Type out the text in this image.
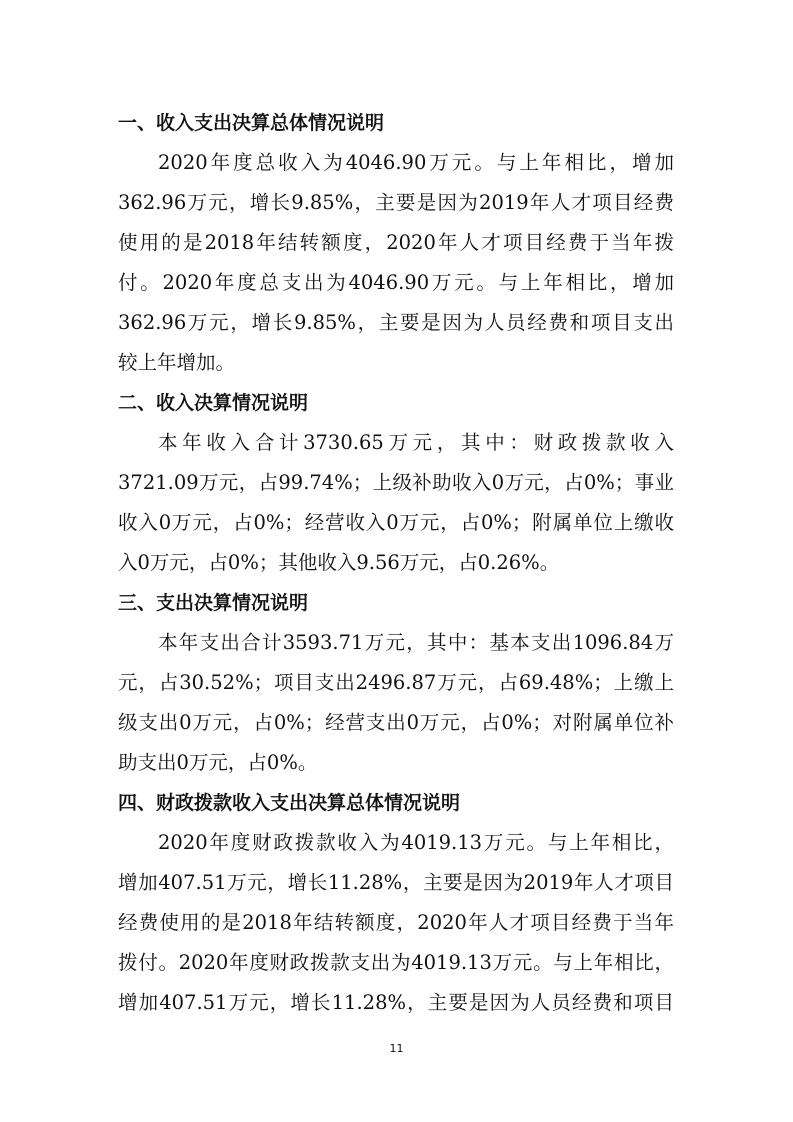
一、收入支出决算总体情况说明
2020年度总收入为4046.90万元。与上年相比，增加
362.96万元，增长9.85%，主要是因为2019年人才项目经费
使用的是2018年结转额度，2020年人才项目经费于当年拨
付。2020年度总支出为4046.90万元。与上年相比，增加
362.96万元，增长9.85%，主要是因为人员经费和项目支出
较上年增加。
二、收入决算情况说明
本年收入合计3730.65万元，其中：财政拨款收入
3721.09万元，占99.74%；上级补助收入0万元，占0%；事业
收入0万元，占0%；经营收入0万元，占0%；附属单位上缴收
入0万元，占0%；其他收入9.56万元，占0.26%。
三、支出决算情况说明
本年支出合计3593.71万元，其中：基本支出1096.84万
元，占30.52%；项目支出2496.87万元，占69.48%；上缴上
级支出0万元，占0%；经营支出0万元，占0%；对附属单位补
助支出0万元，占0%。
四、财政拨款收入支出决算总体情况说明
2020年度财政拨款收入为4019.13万元。与上年相比，
增加407.51万元，增长11.28%，主要是因为2019年人才项目
经费使用的是2018年结转额度，2020年人才项目经费于当年
拨付。2020年度财政拨款支出为4019.13万元。与上年相比，
增加407.51万元，增长11.28%，主要是因为人员经费和项目
11
